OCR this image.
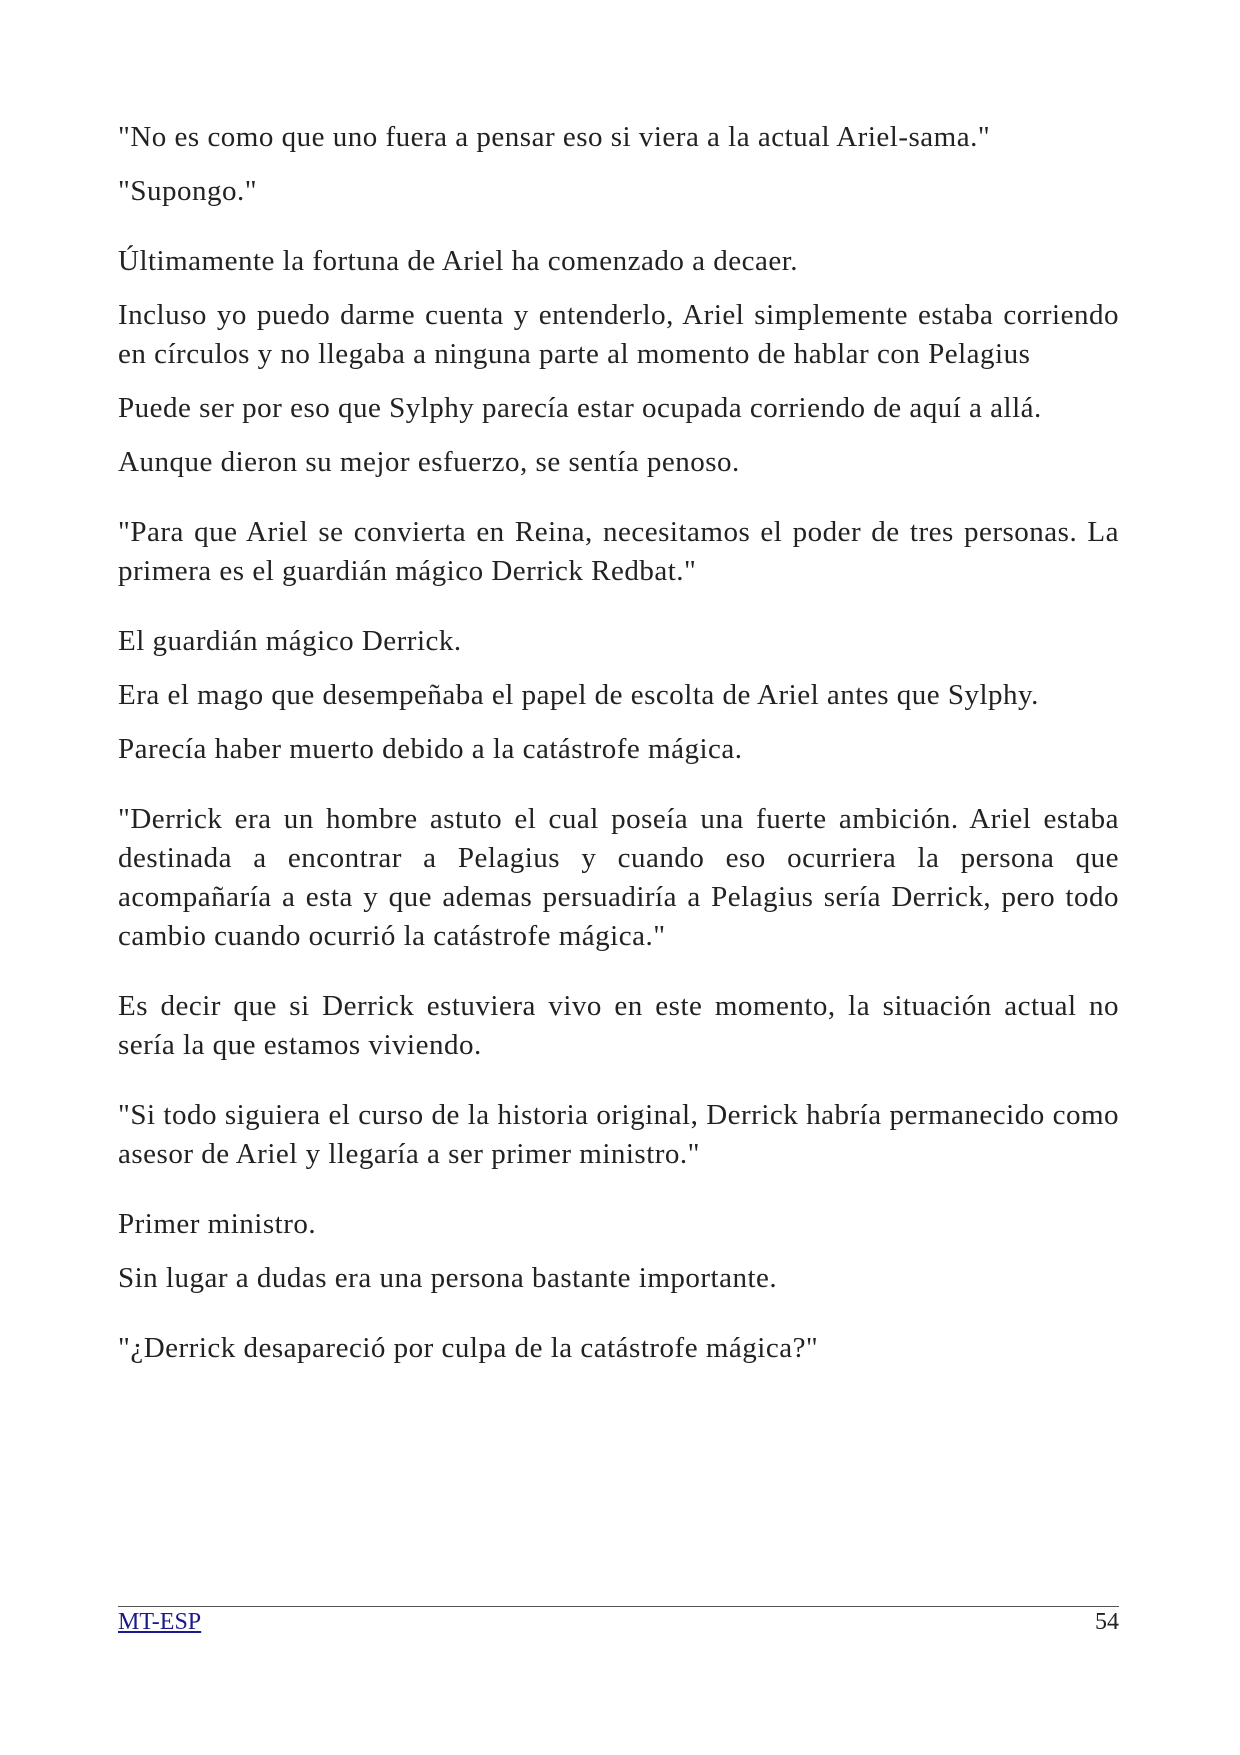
"No es como que uno fuera a pensar eso si viera a la actual Ariel-sama."

"Supongo."

Últimamente la fortuna de Ariel ha comenzado a decaer.

Incluso yo puedo darme cuenta y entenderlo, Ariel simplemente estaba corriendo en círculos y no llegaba a ninguna parte al momento de hablar con Pelagius

Puede ser por eso que Sylphy parecía estar ocupada corriendo de aquí a allá.

Aunque dieron su mejor esfuerzo, se sentía penoso.

"Para que Ariel se convierta en Reina, necesitamos el poder de tres personas. La primera es el guardián mágico Derrick Redbat."

El guardián mágico Derrick.

Era el mago que desempeñaba el papel de escolta de Ariel antes que Sylphy.

Parecía haber muerto debido a la catástrofe mágica.

"Derrick era un hombre astuto el cual poseía una fuerte ambición. Ariel estaba destinada a encontrar a Pelagius y cuando eso ocurriera la persona que acompañaría a esta y que ademas persuadiría a Pelagius sería Derrick, pero todo cambio cuando ocurrió la catástrofe mágica."

Es decir que si Derrick estuviera vivo en este momento, la situación actual no sería la que estamos viviendo.

"Si todo siguiera el curso de la historia original, Derrick habría permanecido como asesor de Ariel y llegaría a ser primer ministro."

Primer ministro.

Sin lugar a dudas era una persona bastante importante.

"¿Derrick desapareció por culpa de la catástrofe mágica?"

MT-ESP	54
